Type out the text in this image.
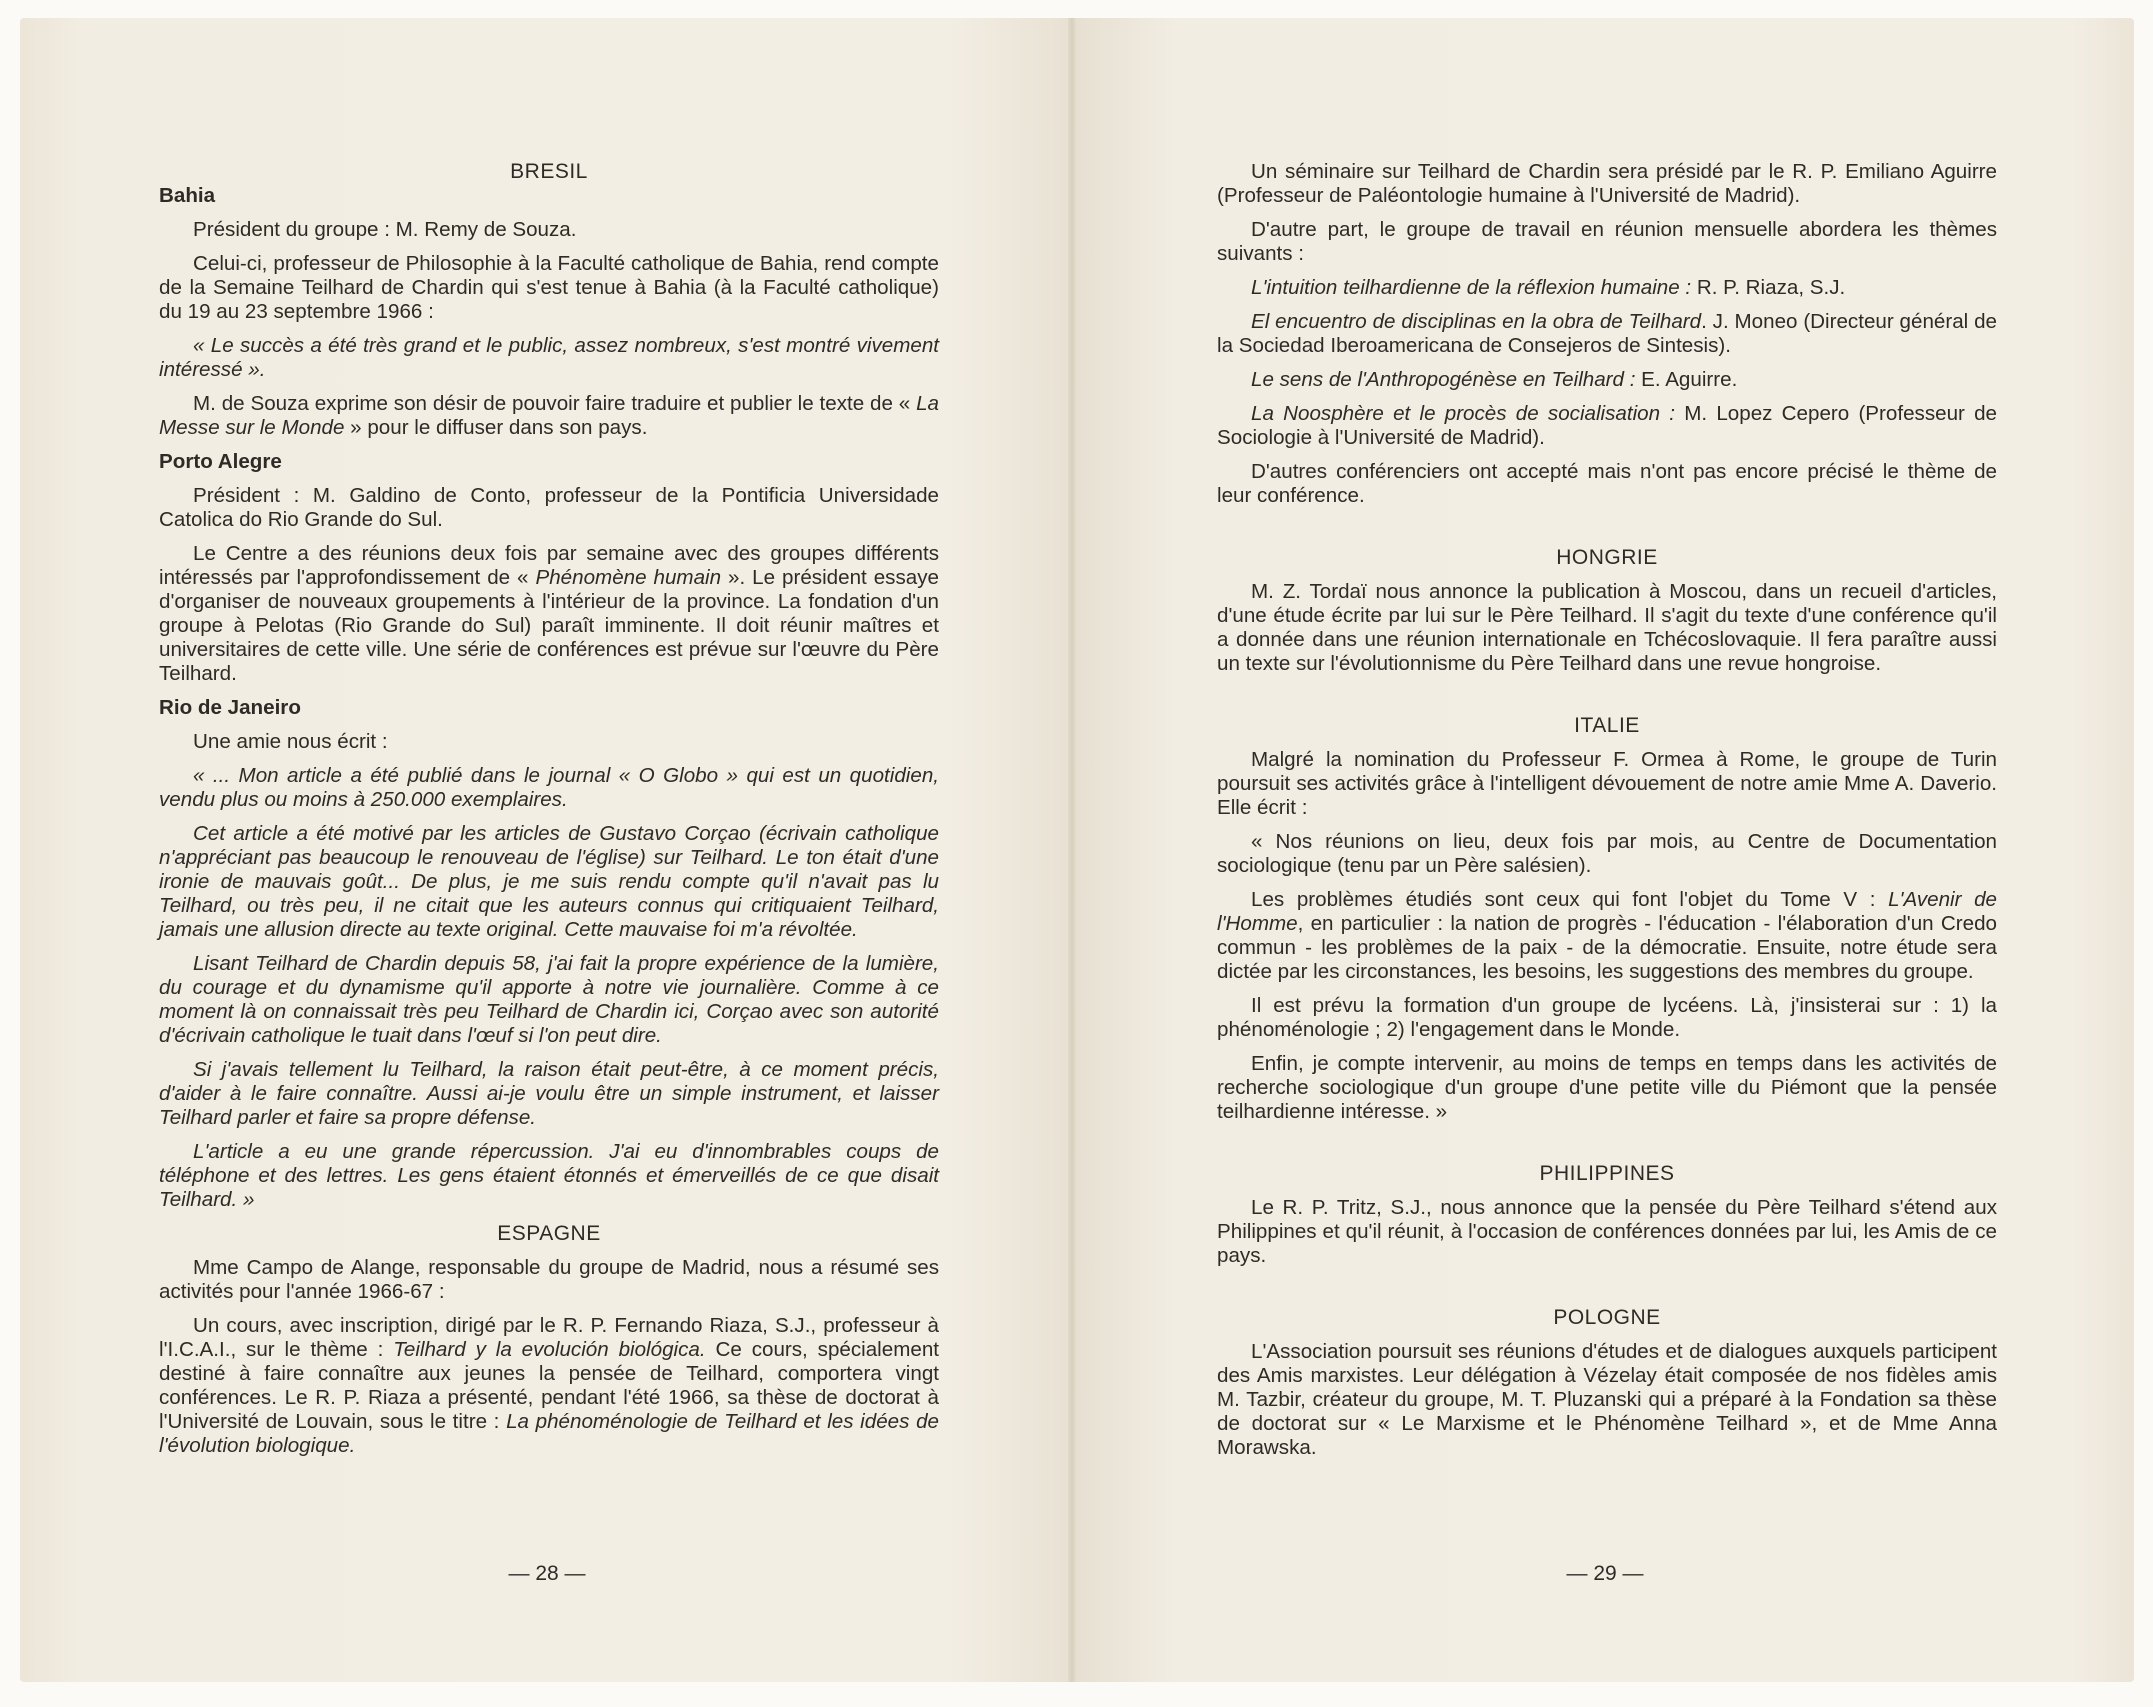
BRESIL
Bahia

Président du groupe : M. Remy de Souza.

Celui-ci, professeur de Philosophie à la Faculté catholique de Bahia, rend compte de la Semaine Teilhard de Chardin qui s'est tenue à Bahia (à la Faculté catholique) du 19 au 23 septembre 1966 :

« Le succès a été très grand et le public, assez nombreux, s'est montré vivement intéressé ».

M. de Souza exprime son désir de pouvoir faire traduire et publier le texte de « La Messe sur le Monde » pour le diffuser dans son pays.

Porto Alegre

Président : M. Galdino de Conto, professeur de la Pontificia Universidade Catolica do Rio Grande do Sul.

Le Centre a des réunions deux fois par semaine avec des groupes différents intéressés par l'approfondissement de « Phénomène humain ». Le président essaye d'organiser de nouveaux groupements à l'intérieur de la province. La fondation d'un groupe à Pelotas (Rio Grande do Sul) paraît imminente. Il doit réunir maîtres et universitaires de cette ville. Une série de conférences est prévue sur l'œuvre du Père Teilhard.

Rio de Janeiro

Une amie nous écrit :

« ... Mon article a été publié dans le journal « O Globo » qui est un quotidien, vendu plus ou moins à 250.000 exemplaires.

Cet article a été motivé par les articles de Gustavo Corçao (écrivain catholique n'appréciant pas beaucoup le renouveau de l'église) sur Teilhard. Le ton était d'une ironie de mauvais goût... De plus, je me suis rendu compte qu'il n'avait pas lu Teilhard, ou très peu, il ne citait que les auteurs connus qui critiquaient Teilhard, jamais une allusion directe au texte original. Cette mauvaise foi m'a révoltée.

Lisant Teilhard de Chardin depuis 58, j'ai fait la propre expérience de la lumière, du courage et du dynamisme qu'il apporte à notre vie journalière. Comme à ce moment là on connaissait très peu Teilhard de Chardin ici, Corçao avec son autorité d'écrivain catholique le tuait dans l'œuf si l'on peut dire.

Si j'avais tellement lu Teilhard, la raison était peut-être, à ce moment précis, d'aider à le faire connaître. Aussi ai-je voulu être un simple instrument, et laisser Teilhard parler et faire sa propre défense.

L'article a eu une grande répercussion. J'ai eu d'innombrables coups de téléphone et des lettres. Les gens étaient étonnés et émerveillés de ce que disait Teilhard. »

ESPAGNE

Mme Campo de Alange, responsable du groupe de Madrid, nous a résumé ses activités pour l'année 1966-67 :

Un cours, avec inscription, dirigé par le R. P. Fernando Riaza, S.J., professeur à l'I.C.A.I., sur le thème : Teilhard y la evolución biológica. Ce cours, spécialement destiné à faire connaître aux jeunes la pensée de Teilhard, comportera vingt conférences. Le R. P. Riaza a présenté, pendant l'été 1966, sa thèse de doctorat à l'Université de Louvain, sous le titre : La phénoménologie de Teilhard et les idées de l'évolution biologique.

— 28 —

Un séminaire sur Teilhard de Chardin sera présidé par le R. P. Emiliano Aguirre (Professeur de Paléontologie humaine à l'Université de Madrid).

D'autre part, le groupe de travail en réunion mensuelle abordera les thèmes suivants :

L'intuition teilhardienne de la réflexion humaine : R. P. Riaza, S.J.

El encuentro de disciplinas en la obra de Teilhard. J. Moneo (Directeur général de la Sociedad Iberoamericana de Consejeros de Sintesis).

Le sens de l'Anthropogénèse en Teilhard : E. Aguirre.

La Noosphère et le procès de socialisation : M. Lopez Cepero (Professeur de Sociologie à l'Université de Madrid).

D'autres conférenciers ont accepté mais n'ont pas encore précisé le thème de leur conférence.

HONGRIE

M. Z. Tordaï nous annonce la publication à Moscou, dans un recueil d'articles, d'une étude écrite par lui sur le Père Teilhard. Il s'agit du texte d'une conférence qu'il a donnée dans une réunion internationale en Tchécoslovaquie. Il fera paraître aussi un texte sur l'évolutionnisme du Père Teilhard dans une revue hongroise.

ITALIE

Malgré la nomination du Professeur F. Ormea à Rome, le groupe de Turin poursuit ses activités grâce à l'intelligent dévouement de notre amie Mme A. Daverio. Elle écrit :

« Nos réunions on lieu, deux fois par mois, au Centre de Documentation sociologique (tenu par un Père salésien).

Les problèmes étudiés sont ceux qui font l'objet du Tome V : L'Avenir de l'Homme, en particulier : la nation de progrès - l'éducation - l'élaboration d'un Credo commun - les problèmes de la paix - de la démocratie. Ensuite, notre étude sera dictée par les circonstances, les besoins, les suggestions des membres du groupe.

Il est prévu la formation d'un groupe de lycéens. Là, j'insisterai sur : 1) la phénoménologie ; 2) l'engagement dans le Monde.

Enfin, je compte intervenir, au moins de temps en temps dans les activités de recherche sociologique d'un groupe d'une petite ville du Piémont que la pensée teilhardienne intéresse. »

PHILIPPINES

Le R. P. Tritz, S.J., nous annonce que la pensée du Père Teilhard s'étend aux Philippines et qu'il réunit, à l'occasion de conférences données par lui, les Amis de ce pays.

POLOGNE

L'Association poursuit ses réunions d'études et de dialogues auxquels participent des Amis marxistes. Leur délégation à Vézelay était composée de nos fidèles amis M. Tazbir, créateur du groupe, M. T. Pluzanski qui a préparé à la Fondation sa thèse de doctorat sur « Le Marxisme et le Phénomène Teilhard », et de Mme Anna Morawska.

— 29 —
